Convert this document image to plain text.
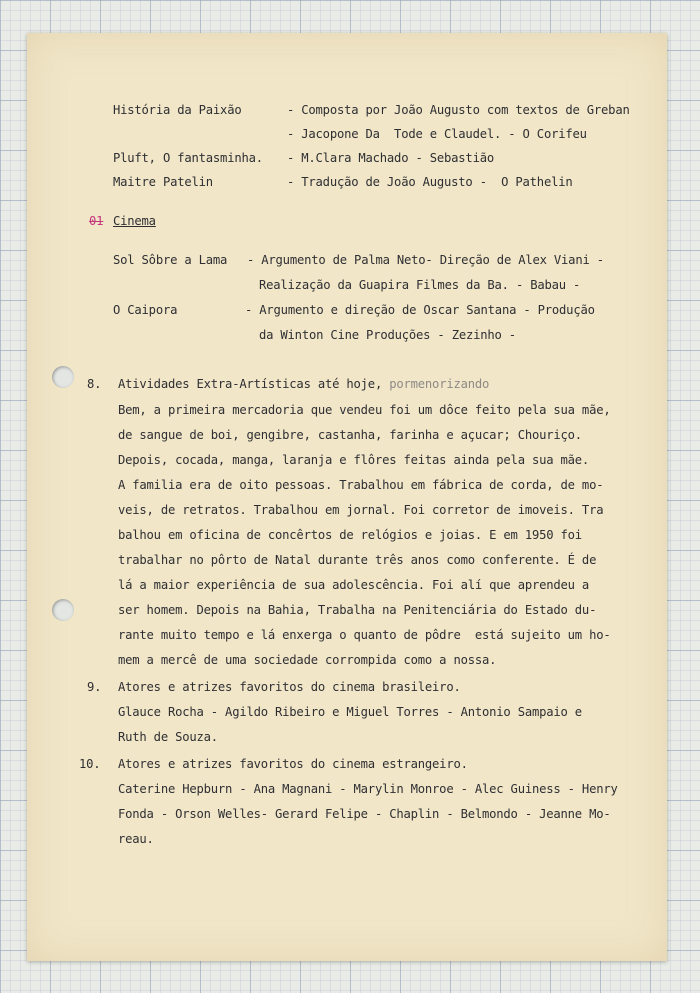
História da Paixão	- Composta por João Augusto com textos de Greban
- Jacopone Da  Tode e Claudel. - O Corifeu
Pluft, O fantasminha. - M.Clara Machado - Sebastião
Maitre Patelin	- Tradução de João Augusto -  O Pathelin
01 Cinema
Sol Sôbre a Lama - Argumento de Palma Neto- Direção de Alex Viani -
Realização da Guapira Filmes da Ba. - Babau -
O Caipora	- Argumento e direção de Oscar Santana - Produção
da Winton Cine Produções - Zezinho -
8. Atividades Extra-Artísticas até hoje, pormenorizando
Bem, a primeira mercadoria que vendeu foi um dôce feito pela sua mãe,
de sangue de boi, gengibre, castanha, farinha e açucar; Chouriço.
Depois, cocada, manga, laranja e flôres feitas ainda pela sua mãe.
A familia era de oito pessoas. Trabalhou em fábrica de corda, de mo-
veis, de retratos. Trabalhou em jornal. Foi corretor de imoveis. Tra
balhou em oficina de concêrtos de relógios e joias. E em 1950 foi
trabalhar no pôrto de Natal durante três anos como conferente. É de
lá a maior experiência de sua adolescência. Foi alí que aprendeu a
ser homem. Depois na Bahia, Trabalha na Penitenciária do Estado du-
rante muito tempo e lá enxerga o quanto de pôdre  está sujeito um ho-
mem a mercê de uma sociedade corrompida como a nossa.
9. Atores e atrizes favoritos do cinema brasileiro.
Glauce Rocha - Agildo Ribeiro e Miguel Torres - Antonio Sampaio e
Ruth de Souza.
10. Atores e atrizes favoritos do cinema estrangeiro.
Caterine Hepburn - Ana Magnani - Marylin Monroe - Alec Guiness - Henry
Fonda - Orson Welles- Gerard Felipe - Chaplin - Belmondo - Jeanne Mo-
reau.
